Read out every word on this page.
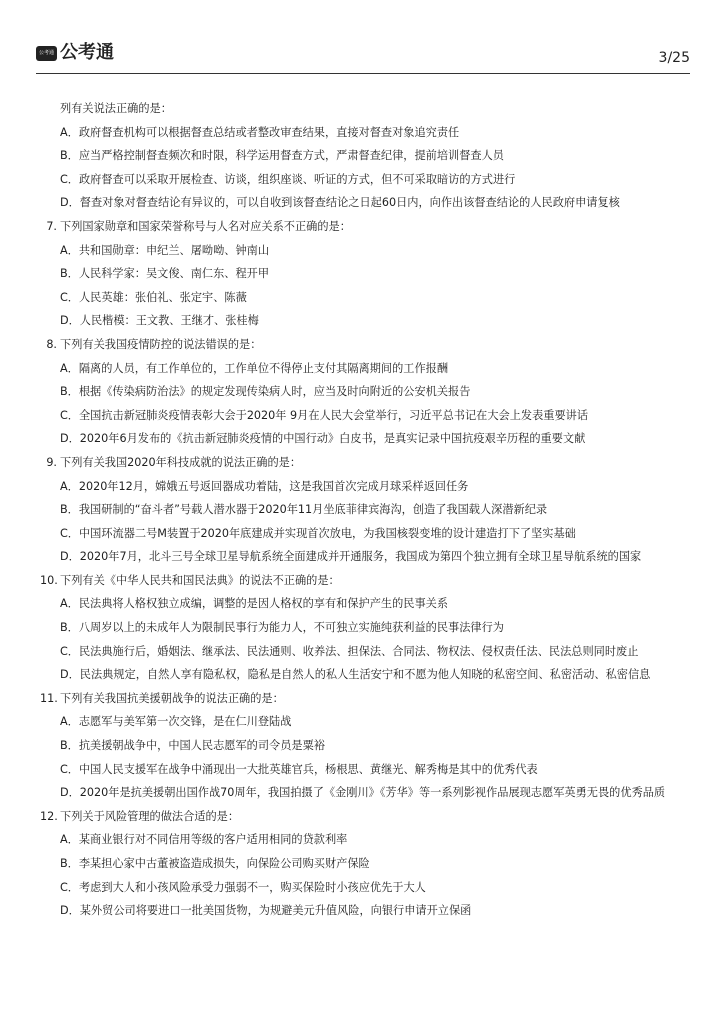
公考通 公考通	3/25
列有关说法正确的是：
A．政府督查机构可以根据督查总结或者整改审查结果，直接对督查对象追究责任
B．应当严格控制督查频次和时限，科学运用督查方式，严肃督查纪律，提前培训督查人员
C．政府督查可以采取开展检查、访谈，组织座谈、听证的方式，但不可采取暗访的方式进行
D．督查对象对督查结论有异议的，可以自收到该督查结论之日起60日内，向作出该督查结论的人民政府申请复核
7. 下列国家勋章和国家荣誉称号与人名对应关系不正确的是：
A．共和国勋章：申纪兰、屠呦呦、钟南山
B．人民科学家：吴文俊、南仁东、程开甲
C．人民英雄：张伯礼、张定宇、陈薇
D．人民楷模：王文教、王继才、张桂梅
8. 下列有关我国疫情防控的说法错误的是：
A．隔离的人员，有工作单位的，工作单位不得停止支付其隔离期间的工作报酬
B．根据《传染病防治法》的规定发现传染病人时，应当及时向附近的公安机关报告
C．全国抗击新冠肺炎疫情表彰大会于2020年 9月在人民大会堂举行，习近平总书记在大会上发表重要讲话
D．2020年6月发布的《抗击新冠肺炎疫情的中国行动》白皮书，是真实记录中国抗疫艰辛历程的重要文献
9. 下列有关我国2020年科技成就的说法正确的是：
A．2020年12月，嫦娥五号返回器成功着陆，这是我国首次完成月球采样返回任务
B．我国研制的“奋斗者”号载人潜水器于2020年11月坐底菲律宾海沟，创造了我国载人深潜新纪录
C．中国环流器二号M装置于2020年底建成并实现首次放电，为我国核裂变堆的设计建造打下了坚实基础
D．2020年7月，北斗三号全球卫星导航系统全面建成并开通服务，我国成为第四个独立拥有全球卫星导航系统的国家
10. 下列有关《中华人民共和国民法典》的说法不正确的是：
A．民法典将人格权独立成编，调整的是因人格权的享有和保护产生的民事关系
B．八周岁以上的未成年人为限制民事行为能力人，不可独立实施纯获利益的民事法律行为
C．民法典施行后，婚姻法、继承法、民法通则、收养法、担保法、合同法、物权法、侵权责任法、民法总则同时废止
D．民法典规定，自然人享有隐私权，隐私是自然人的私人生活安宁和不愿为他人知晓的私密空间、私密活动、私密信息
11. 下列有关我国抗美援朝战争的说法正确的是：
A．志愿军与美军第一次交锋，是在仁川登陆战
B．抗美援朝战争中，中国人民志愿军的司令员是粟裕
C．中国人民支援军在战争中涌现出一大批英雄官兵，杨根思、黄继光、解秀梅是其中的优秀代表
D．2020年是抗美援朝出国作战70周年，我国拍摄了《金刚川》《芳华》等一系列影视作品展现志愿军英勇无畏的优秀品质
12. 下列关于风险管理的做法合适的是：
A．某商业银行对不同信用等级的客户适用相同的贷款利率
B．李某担心家中古董被盗造成损失，向保险公司购买财产保险
C．考虑到大人和小孩风险承受力强弱不一，购买保险时小孩应优先于大人
D．某外贸公司将要进口一批美国货物，为规避美元升值风险，向银行申请开立保函
